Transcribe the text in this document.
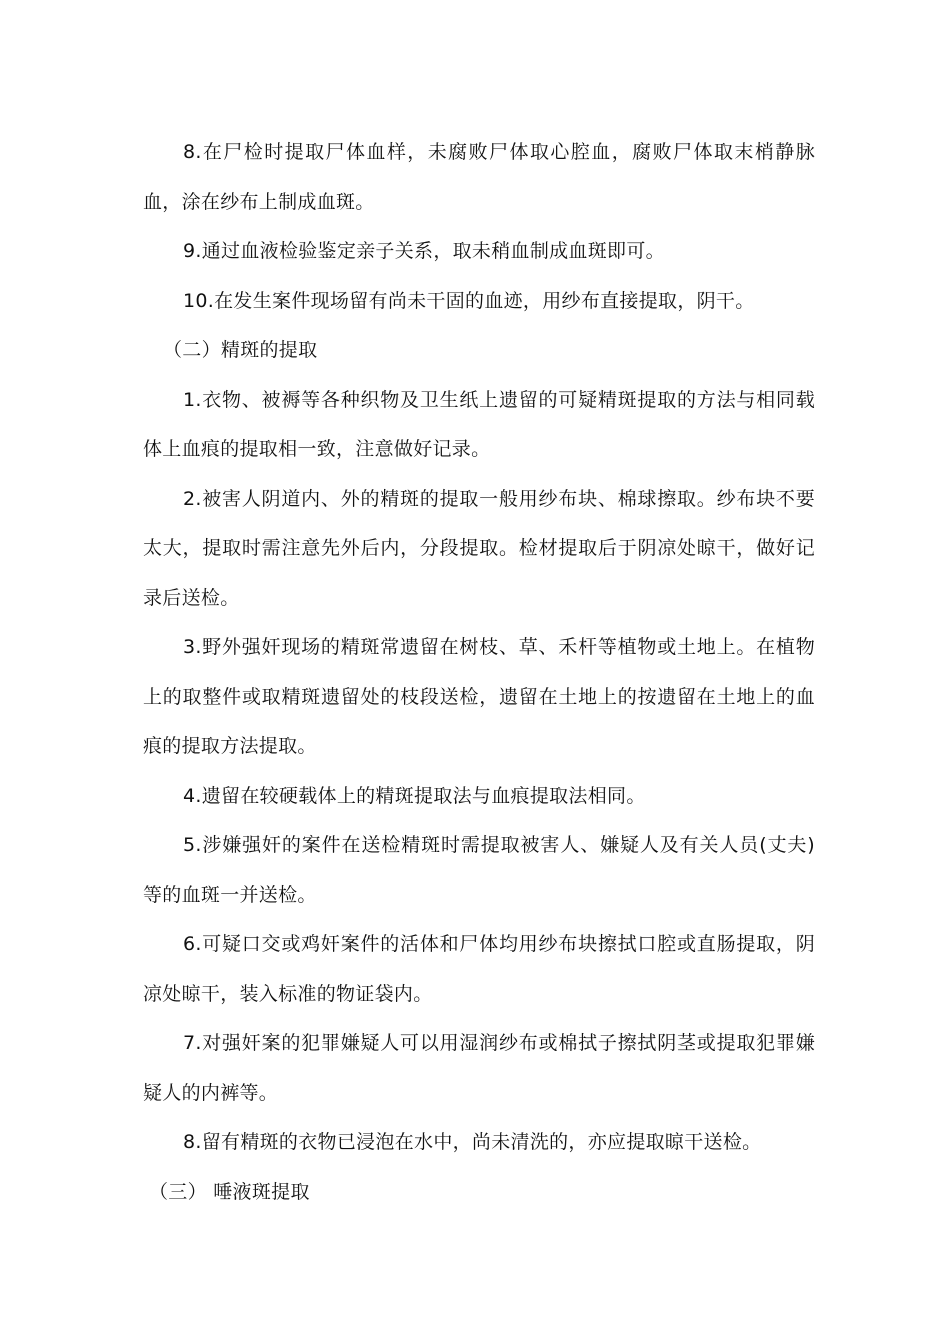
8.在尸检时提取尸体血样，未腐败尸体取心腔血，腐败尸体取末梢静脉血，涂在纱布上制成血斑。

9.通过血液检验鉴定亲子关系，取未稍血制成血斑即可。

10.在发生案件现场留有尚未干固的血迹，用纱布直接提取，阴干。

（二）精斑的提取

1.衣物、被褥等各种织物及卫生纸上遗留的可疑精斑提取的方法与相同载体上血痕的提取相一致，注意做好记录。

2.被害人阴道内、外的精斑的提取一般用纱布块、棉球擦取。纱布块不要太大，提取时需注意先外后内，分段提取。检材提取后于阴凉处晾干，做好记录后送检。

3.野外强奸现场的精斑常遗留在树枝、草、禾杆等植物或土地上。在植物上的取整件或取精斑遗留处的枝段送检，遗留在土地上的按遗留在土地上的血痕的提取方法提取。

4.遗留在较硬载体上的精斑提取法与血痕提取法相同。

5.涉嫌强奸的案件在送检精斑时需提取被害人、嫌疑人及有关人员(丈夫)等的血斑一并送检。

6.可疑口交或鸡奸案件的活体和尸体均用纱布块擦拭口腔或直肠提取，阴凉处晾干，装入标准的物证袋内。

7.对强奸案的犯罪嫌疑人可以用湿润纱布或棉拭子擦拭阴茎或提取犯罪嫌疑人的内裤等。

8.留有精斑的衣物已浸泡在水中，尚未清洗的，亦应提取晾干送检。

（三） 唾液斑提取
